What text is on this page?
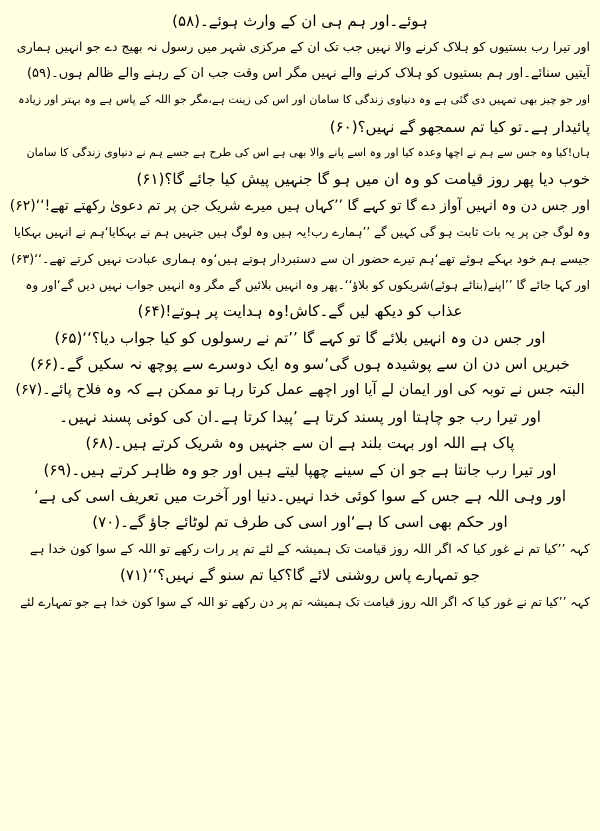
ہوئے۔اور ہم ہی ان کے وارث ہوئے۔(۵۸)
اور تیرا رب بستیوں کو ہلاک کرنے والا نہیں جب تک ان کے مرکزی شہر میں رسول نہ بھیج دے جو انہیں ہماری
آیتیں سنائے۔اور ہم بستیوں کو ہلاک کرنے والے نہیں مگر اس وقت جب ان کے رہنے والے ظالم ہوں۔(۵۹)
اور جو چیز بھی تمہیں دی گئی ہے وہ دنیاوی زندگی کا سامان اور اس کی زینت ہے،مگر جو اللہ کے پاس ہے وہ بہتر اور زیادہ
پائیدار ہے۔تو کیا تم سمجھو گے نہیں؟(۶۰)
ہاں!کیا وہ جس سے ہم نے اچھا وعدہ کیا اور وہ اسے پانے والا بھی ہے اس کی طرح ہے جسے ہم نے دنیاوی زندگی کا سامان
خوب دیا پھر روز قیامت کو وہ ان میں ہو گا جنہیں پیش کیا جائے گا؟(۶۱)
اور جس دن وہ انہیں آواز دے گا تو کہے گا ’’کہاں ہیں میرے شریک جن پر تم دعویٰ رکھتے تھے!‘‘(۶۲)
وہ لوگ جن پر یہ بات ثابت ہو گی کہیں گے ’’ہمارے رب!یہ ہیں وہ لوگ ہیں جنہیں ہم نے بہکایا‘ہم نے انہیں بہکایا
جیسے ہم خود بہکے ہوئے تھے‘ہم تیرے حضور ان سے دستبردار ہوتے ہیں‘وہ ہماری عبادت نہیں کرتے تھے۔‘‘(۶۳)
اور کہا جائے گا ’’اپنے(بنائے ہوئے)شریکوں کو بلاؤ‘‘۔پھر وہ انہیں بلائیں گے مگر وہ انہیں جواب نہیں دیں گے‘اور وہ
عذاب کو دیکھ لیں گے۔کاش!وہ ہدایت پر ہوتے!(۶۴)
اور جس دن وہ انہیں بلائے گا تو کہے گا ’’تم نے رسولوں کو کیا جواب دیا؟‘‘(۶۵)
خبریں اس دن ان سے پوشیدہ ہوں گی‘سو وہ ایک دوسرے سے پوچھ نہ سکیں گے۔(۶۶)
البتہ جس نے توبہ کی اور ایمان لے آیا اور اچھے عمل کرتا رہا تو ممکن ہے کہ وہ فلاح پائے۔(۶۷)
اور تیرا رب جو چاہتا اور پسند کرتا ہے ’پیدا کرتا ہے۔ان کی کوئی پسند نہیں۔
پاک ہے اللہ اور بہت بلند ہے ان سے جنہیں وہ شریک کرتے ہیں۔(۶۸)
اور تیرا رب جانتا ہے جو ان کے سینے چھپا لیتے ہیں اور جو وہ ظاہر کرتے ہیں۔(۶۹)
اور وہی اللہ ہے جس کے سوا کوئی خدا نہیں۔دنیا اور آخرت میں تعریف اسی کی ہے‘
اور حکم بھی اسی کا ہے‘اور اسی کی طرف تم لوٹائے جاؤ گے۔(۷۰)
کہہ ’’کیا تم نے غور کیا کہ اگر اللہ روز قیامت تک ہمیشہ کے لئے تم پر رات رکھے تو اللہ کے سوا کون خدا ہے
جو تمہارے پاس روشنی لائے گا؟کیا تم سنو گے نہیں؟‘‘(۷۱)
کہہ ’’کیا تم نے غور کیا کہ اگر اللہ روز قیامت تک ہمیشہ تم پر دن رکھے تو اللہ کے سوا کون خدا ہے جو تمہارے لئے
